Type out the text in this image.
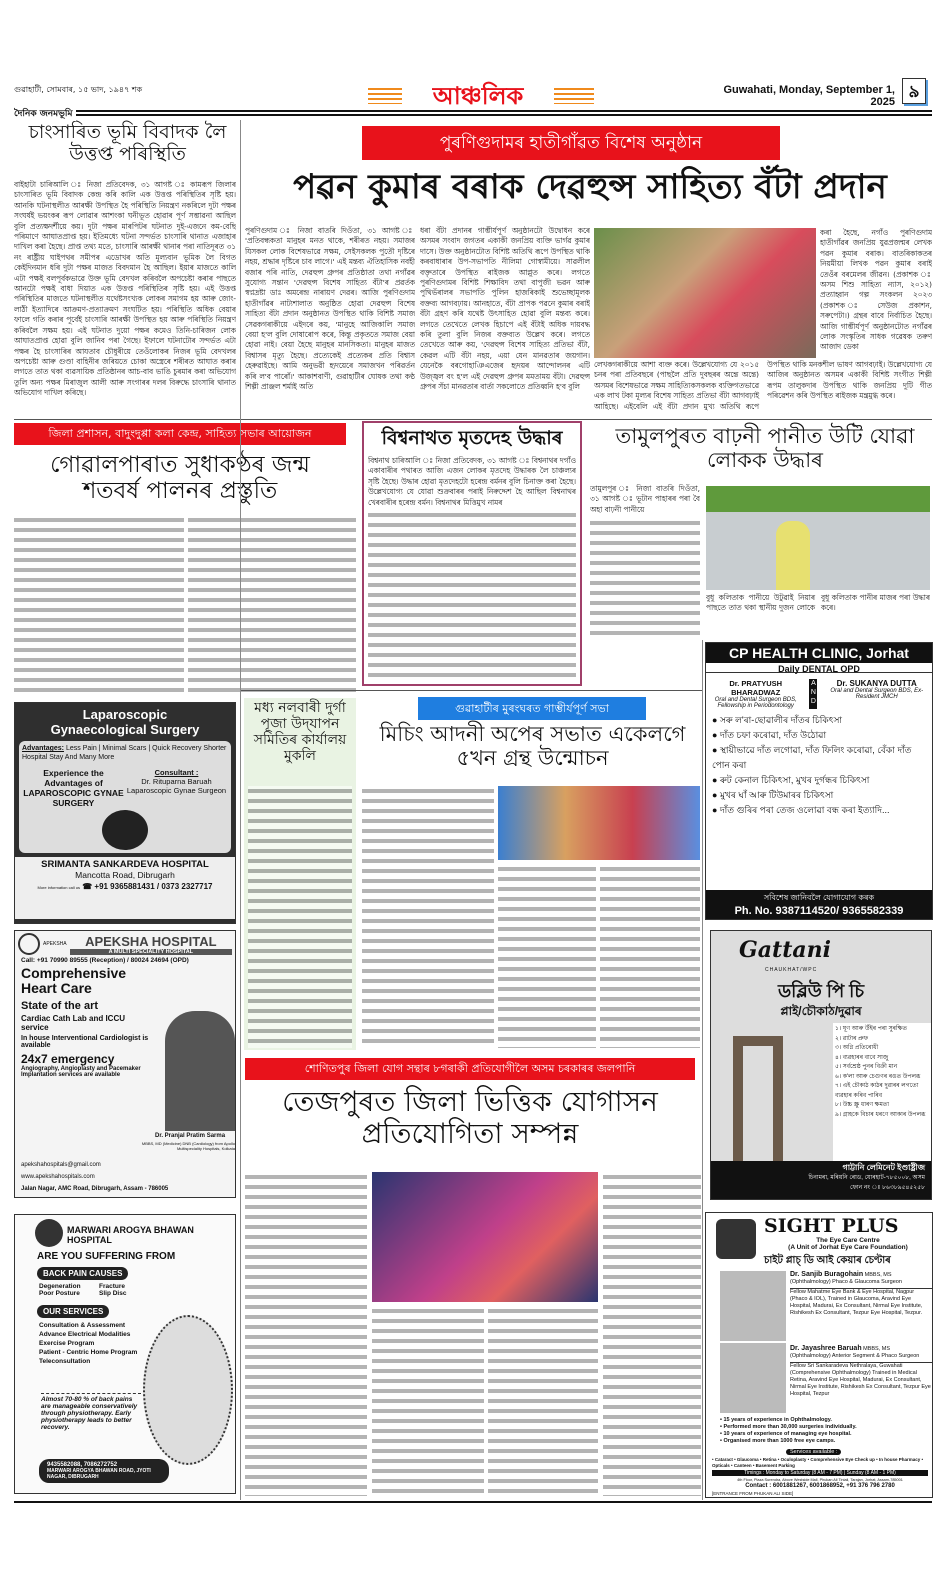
গুৱাহাটী, সোমবাৰ, ১৫ ভাদ, ১৯৪৭ শক	আঞ্চলিক	Guwahati, Monday, September 1, 2025 ৯
দৈনিক জনমভূমি
চাংসাৰিত ভূমি বিবাদক লৈ উত্তপ্ত পৰিস্থিতি
বাইহাটা চাৰিআলি ঃ নিজা প্ৰতিবেদক, ৩১ আগষ্ট ঃ কামৰূপ জিলাৰ চাংসাৰিত ভূমি বিবাদক কেন্দ্ৰ কৰি কালি এক উত্তপ্ত পৰিস্থিতিৰ সৃষ্টি হয়। আনকি ঘটনাস্থলীত আৰক্ষী উপস্থিত হৈ পৰিস্থিতি নিয়ন্ত্ৰণ নকৰিলে দুটা পক্ষৰ সংঘৰ্ষই ভয়ংকৰ ৰূপ লোৱাৰ আশংকা ঘনীভূত হোৱাৰ পূৰ্ণ সম্ভাৱনা আছিল বুলি প্ৰত্যক্ষদৰ্শীয়ে কয়। দুটা পক্ষৰ মাৰপিটৰ ঘটনাত দুই-এজনে কম-বেছি পৰিমাণে আঘাতপ্ৰাপ্ত হয়। ইতিমধ্যে ঘটনা সন্দৰ্ভত চাংসাৰি থানাত এজাহাৰ দাখিল কৰা হৈছে। প্ৰাপ্ত তথ্য মতে, চাংসাৰি আৰক্ষী থানাৰ পৰা নাতিদূৰত ৩১ নং ৰাষ্ট্ৰীয় ঘাইপথৰ সমীপৰ এডোখৰ অতি মূল্যবান ভূমিক লৈ বিগত কেইদিনমান ধৰি দুটা পক্ষৰ মাজত বিবদমান হৈ আছিল। ইয়াৰ মাজতে কালি এটা পক্ষই বলপূৰ্বকভাৱে উক্ত ভূমি বেদখল কৰিবলৈ অপচেষ্টা কৰাৰ পাছতে আনটো পক্ষই বাধা দিয়াত এক উত্তপ্ত পৰিস্থিতিৰ সৃষ্টি হয়। এই উত্তপ্ত পৰিস্থিতিৰ মাজতে ঘটনাস্থলীত যথেষ্টসংখ্যক লোকৰ সমাগম হয় আৰু জোং-লাঠী ইত্যাদিৰে আক্ৰমণ-প্ৰত্যাক্ৰমণ সংঘটিত হয়। পৰিস্থিতি অধিক বেয়াৰ ফালে গতি কৰাৰ পূৰ্বেই চাংসাৰি আৰক্ষী উপস্থিত হয় আৰু পৰিস্থিতি নিয়ন্ত্ৰণ কৰিবলৈ সক্ষম হয়। এই ঘটনাত দুয়ো পক্ষৰ কমেও তিনি-চাৰিজন লোক আঘাতপ্ৰাপ্ত হোৱা বুলি জানিব পৰা গৈছে। ইফালে ঘটনাটোৰ সন্দৰ্ভত এটা পক্ষৰ হৈ চাংসাৰিৰ আযতাব চৌধুৰীয়ে তেওঁলোকৰ নিজৰ ভূমি বেদখলৰ অপচেষ্টা আৰু গুণ্ডা বাহিনীৰ জৰিয়তে চোকা অস্ত্ৰেৰে শৰীৰত আঘাত কৰাৰ লগতে তাত থকা ব্যৱসায়িক প্ৰতিষ্ঠানৰ আচ-বাব ভাঙি চুৰমাৰ কৰা অভিযোগ তুলি অন্য পক্ষৰ মিৰাজুল আলী আৰু সংগাৰৰ দলৰ বিৰুদ্ধে চাংসাৰি থানাত অভিযোগ দাখিল কৰিছে।
পুৰণিগুদামৰ হাতীগাঁৱত বিশেষ অনুষ্ঠান
পৱন কুমাৰ বৰাক দেৱহুন্স সাহিত্য বঁটা প্ৰদান
পুৰণিগুদাম ঃ নিজা বাতৰি দিওঁতা, ৩১ আগষ্ট ঃ 'প্ৰতিবন্ধকতা মানুহৰ মনত থাকে, শৰীৰত নহয়। সমাজৰ যিসকল লোক বিশেষভাৱে সক্ষম, সেইসকলক পুতৌ দৃষ্টিৰে নহয়, শ্ৰদ্ধাৰ দৃষ্টিৰে চাব লাগে।' এই মন্তব্য ঐতিহাসিক নবহী বজাৰ পৰি নাতি, দেৱহুন্স গ্ৰুপৰ প্ৰতিষ্ঠাতা তথা নগাঁৱৰ সুযোগ্য সন্তান 'দেৱহুন্স বিশেষ সাহিত্য বঁটা'ৰ প্ৰৱৰ্তক স্বপ্নদ্ৰষ্টা ডাঃ অমৰেন্দ্ৰ নাৰায়ণ দেৱৰ। আজি পুৰণিগুদাম হাতীগাঁৱৰ নাট্যশালাত অনুষ্ঠিত হোৱা দেৱহুন্স বিশেষ সাহিত্য বঁটা প্ৰদান অনুষ্ঠানত উপস্থিত থাকি বিশিষ্ট সমাজ সেৱকগৰাকীয়ে এইদৰে কয়, 'মানুহে আজিকালি সমাজ বেয়া হ'ল বুলি দোষাৰোপ কৰে, কিন্তু প্ৰকৃততে সমাজ বেয়া হোৱা নাই। বেয়া হৈছে মানুহৰ মানসিকতা। মানুহৰ মাজত বিশ্বাসৰ মৃত্যু হৈছে। প্ৰত্যেকেই প্ৰত্যেকৰ প্ৰতি বিশ্বাস হেৰুৱাইছে। আমি অনুভৱী হৃদয়েৰে সমাজখন পৰিৱৰ্তন কৰি ল'ব পাৰোঁ।' আকাশবাণী, গুৱাহাটীৰ ঘোষক তথা কণ্ঠ শিল্পী প্ৰাঞ্জল শৰ্মাই অতি
ধৰা বঁটা প্ৰদানৰ গাম্ভীৰ্যপূৰ্ণ অনুষ্ঠানটো উদ্বোধন কৰে অসমৰ সংবাদ জগতৰ একাকী জনপ্ৰিয় ব্যক্তি ভাৰ্গৱ কুমাৰ দাসে। উক্ত অনুষ্ঠানটোত বিশিষ্ট অতিথি ৰূপে উপস্থিত থাকি কৰবাধাৰাৰ উপ-সভাপতি নীলিমা গোস্বামীয়ে। সাৱলীল বক্তৃতাৰে উপস্থিত ৰাইজক আপ্লুত কৰে। লগতে পুৰণিগুদামৰ বিশিষ্ট শিক্ষাবিদ তথা বাপুজী ভৱন আৰু পুথিভঁৰালৰ সভাপতি পুলিন হাজৰিকাই শুভেচ্ছামূলক বক্তব্য আগবঢ়ায়। আনহাতে, বঁটা প্ৰাপক পৱনে কুমাৰ বৰাই বঁটা গ্ৰহণ কৰি যথেষ্ট উৎসাহিত হোৱা বুলি মন্তব্য কৰে। লগতে তেখেতে লেখক হিচাপে এই বঁটাই অধিক দায়বদ্ধ কৰি তুলা বুলি নিজৰ বক্তব্যত উল্লেখ কৰে। লগতে তেখেতে আৰু কয়, 'দেৱহুন্স বিশেষ সাহিত্য প্ৰতিভা বঁটা, কেৱল এটি বঁটা নহয়, এয়া যেন মানৱতাৰ জয়গান। যেনেকৈ বৰগোহাঞিএজেৰ হৃদয়ৰ আন্দোলনৰ এটি উজ্জ্বল বং হ'ল এই দেৱহুন্স গ্ৰুপৰ মমতাময় বঁটা। দেৱহুন্স গ্ৰুপৰ সঁচা মানৱতাৰ বাৰ্তা সকলোতে প্ৰতিধ্বনি হ'ব বুলি
কৰা হৈছে, নগাঁও পুৰণিগুদাম হাতীগাঁৱৰ জনপ্ৰিয় যুৱপ্ৰজন্মৰ লেখক পৱন কুমাৰ বৰাক। বাতৰিকাকতৰ নিয়মীয়া লিখক পৱন কুমাৰ বৰাই তেওঁৰ বৰমেলৰ জীৱন। (প্ৰকাশক ঃ অসম শিশু সাহিত্য ন্যাস, ২০১২) প্ৰত্যাহ্বান গল্প সংকলন ২০২৩ (প্ৰকাশক ঃ সেউজ প্ৰকাশন, সৰুপেটা।) গ্ৰন্থৰ বাবে নিৰ্বাচিত হৈছে। আজি গাম্ভীৰ্যপূৰ্ণ অনুষ্ঠানটোত নগাঁৱৰ লোক সংস্কৃতিৰ সাধক গৱেষক তৰুণ আজাদ ডেকা
লেখকগৰাকীয়ে আশা ব্যক্ত কৰে। উল্লেখযোগ্য যে ২০১৫ চনৰ পৰা প্ৰতিবছৰে (পাছলৈ প্ৰতি দুবছৰৰ অন্তে অন্তে) অসমৰ বিশেষভাৱে সক্ষম সাহিত্যিকসকলক ব্যক্তিগতভাৱে এক লাখ টকা মূল্যৰ বিশেষ সাহিত্য প্ৰতিভা বঁটা আগবঢ়াই আহিছে। এইবেলি এই বঁটা প্ৰদান মুখ্য অতিথি ৰূপে উপস্থিত থাকি মনকশীল ভাষণ আগবঢ়াই। উল্লেখযোগ্য যে আজিৰ অনুষ্ঠানত অসমৰ একাকী বিশিষ্ট সংগীত শিল্পী ৰূপম তালুকদাৰ উপস্থিত থাকি জনপ্ৰিয় দুটি গীত পৰিৱেশন কৰি উপস্থিত ৰাইজক মন্ত্ৰমুগ্ধ কৰে।
জিলা প্ৰশাসন, বাদুংদুপ্পা কলা কেন্দ্ৰ, সাহিত্য সভাৰ আয়োজন
গোৱালপাৰাত সুধাকণ্ঠৰ জন্ম শতবৰ্ষ পালনৰ প্ৰস্তুতি
বিশ্বনাথত মৃতদেহ উদ্ধাৰ
বিশ্বনাথ চাৰিআলি ঃ নিজা প্ৰতিবেদক, ৩১ আগষ্ট ঃ বিশ্বনাথৰ দগাঁও একাবাৰীৰ পথাৰত আজি এজন লোকৰ মৃতদেহ উদ্ধাৰক লৈ চাঞ্চল্যৰ সৃষ্টি হৈছে। উদ্ধাৰ হোৱা মৃতদেহটো হৰেন্দ্ৰ বৰ্মনৰ বুলি চিনাক্ত কৰা হৈছে। উল্লেখযোগ্য যে যোৱা শুক্ৰবাৰৰ পৰাই নিৰুদ্দেশ হৈ আছিল বিশ্বনাথৰ খেৰবাৰীৰ হৰেন্দ্ৰ বৰ্মন। বিশ্বনাথৰ মিত্তিমুখ নামৰ
তামুলপুৰত বাঢ়নী পানীত উটি যোৱা লোকক উদ্ধাৰ
তামুলপুৰ ঃ নিজা বাতৰি দিওঁতা, ৩১ আগষ্ট ঃ ভূটান পাহাৰৰ পৰা বৈ অহা বাঢ়নী পানীয়ে
বুধু কলিতাক পানীয়ে উটুৱাই নিয়াৰ পাছতে তাত থকা স্থানীয় দুজন লোকে বুধু কলিতাক পানীৰ মাজৰ পৰা উদ্ধাৰ কৰে।
মধ্য নলবাৰী দুৰ্গা পূজা উদ্‌যাপন সমিতিৰ কাৰ্যালয় মুকলি
গুৱাহাটীৰ মুৰংঘৰত গাম্ভীৰ্যপূৰ্ণ সভা
মিচিং আদনী অপেৰ সভাত একেলগে ৫খন গ্ৰন্থ উন্মোচন
শোণিতপুৰ জিলা যোগ সন্থাৰ ৮গৰাকী প্ৰতিযোগীলৈ অসম চৰকাৰৰ জলপানি
তেজপুৰত জিলা ভিত্তিক যোগাসন প্ৰতিযোগিতা সম্পন্ন
Laparoscopic
Gynaecological Surgery
Advantages: Less Pain | Minimal Scars | Quick Recovery Shorter Hospital Stay And Many More
Experience the Advantages of LAPAROSCOPIC GYNAE SURGERY
Consultant :
Dr. Rituparna Baruah
Laparoscopic Gynae Surgeon
SRIMANTA SANKARDEVA HOSPITAL
Mancotta Road, Dibrugarh
More information call us ☎ +91 9365881431 / 0373 2327717
APEKSHA	APEKSHA HOSPITAL
A MULTI SPECIALITY HOSPITAL
Call: +91 70990 89555 (Reception) / 80024 24694 (OPD)
Comprehensive Heart Care
State of the art
Cardiac Cath Lab and ICCU service
In house Interventional Cardiologist is available
24x7 emergency
Angiography, Angioplasty and Pacemaker Implantation services are available
Dr. Pranjal Pratim Sarma
MBBS, MD (Medicine) DNB (Cardiology) from Apollo Multispeciality Hospitals, Kolkata
apekshahospitals@gmail.com
www.apekshahospitals.com
Jalan Nagar, AMC Road, Dibrugarh, Assam - 786005
MARWARI AROGYA BHAWAN HOSPITAL
ARE YOU SUFFERING FROM
BACK PAIN CAUSES
Degeneration	Fracture
Poor Posture	Slip Disc
OUR SERVICES
Consultation & Assessment
Advance Electrical Modalities
Exercise Program
Patient - Centric Home Program
Teleconsultation
Almost 70-80 % of back pains are manageable conservatively through physiotherapy. Early physiotherapy leads to better recovery.
9435582088, 7086272752
MARWARI AROGYA BHAWAN ROAD, JYOTI NAGAR, DIBRUGARH
CP HEALTH CLINIC, Jorhat
Daily DENTAL OPD
Dr. PRATYUSH BHARADWAZ
Oral and Dental Surgeon BDS, Fellowship in Periodontology
AND
Dr. SUKANYA DUTTA
Oral and Dental Surgeon BDS, Ex- Resident JMCH
● সৰু ল'ৰা-ছোৱালীৰ দাঁতৰ চিকিৎসা
● দাঁত চফা কৰোৱা, দাঁত উঠোৱা
● স্থায়ীভাৱে দাঁত লগোৱা, দাঁত ফিলিং কৰোৱা, বেঁকা দাঁত পোন কৰা
● ৰুট কেনাল চিকিৎসা, মুখৰ দুৰ্গন্ধৰ চিকিৎসা
● মুখৰ ঘাঁ আৰু টিউমাৰৰ চিকিৎসা
● দাঁত গুৰিৰ পৰা তেজ ওলোৱা বন্ধ কৰা ইত্যাদি...
সবিশেষ জানিবলৈ যোগাযোগ কৰক
Ph. No. 9387114520/ 9365582339
Gattani
CHAUKHAT/WPC
ডব্লিউ পি চি
প্লাই/চৌকাঠ/দুৱাৰ
১। ঘূণ আৰু উঁইৰ পৰা সুৰক্ষিত
২। ৱাটাৰ প্ৰুফ
৩। অগ্নি প্ৰতিৰোধী
৪। ব্যৱহাৰৰ বাবে সাজু
৫। সৰ্বশ্ৰেষ্ঠ পুনৰ বিক্ৰী মান
৬। ক'লা আৰু চেগুণৰ ৰঙত উপলব্ধ
৭। এই চৌকাঠ কাঠৰ দুৱাৰৰ লগতো ব্যৱহাৰ কৰিব পাৰিব
৮। উচ্চ স্ক্ৰু ধাৰণ ক্ষমতা
৯। গ্ৰাহকে বিচাৰ ধৰণে আকাৰ উপলব্ধ
গাট্টানি লেমিনেট ইণ্ডাষ্ট্ৰীজ
চিনামৰা, মৰিয়নি ৰোড, যোৰহাট-৭৮৫০০৮, অসম
ফোন নং ঃ ৮৬৩৮৯৫৪৫২৫৮
SIGHT PLUS
The Eye Care Centre
(A Unit of Jorhat Eye Care Foundation)
চাইট প্লাচ্ ডি আই কেয়াৰ চেণ্টাৰ
Dr. Sanjib Buragohain MBBS, MS (Ophthalmology) Phaco & Glaucoma Surgeon
Fellow Mahatme Eye Bank & Eye Hospital, Nagpur (Phaco & IOL), Trained in Glaucoma, Aravind Eye Hospital, Madurai, Ex Consultant, Nirmal Eye Institute, Rishikesh Ex Consultant, Tezpur Eye Hospital, Tezpur.
Dr. Jayashree Baruah MBBS, MS (Ophthalmology) Anterior Segment & Phaco Surgeon
Fellow Sri Sankaradeva Nethralaya, Guwahati (Comprehensive Ophthalmology) Trained in Medical Retina, Aravind Eye Hospital, Madurai, Ex Consultant, Nirmal Eye Institute, Rishikesh Ex Consultant, Tezpur Eye Hospital, Tezpur
• 15 years of experience in Ophthalmology.
• Performed more than 30,000 surgeries individually.
• 10 years of experience of managing eye hospital.
• Organised more than 1000 free eye camps.
Services available :
• Cataract • Glaucoma • Retina • Oculoplasty • Comprehensive Eye Check up • In house Pharmacy • Opticals • Canteen • Basement Parking
Timings : Monday to Saturday (8 AM - 7 PM) | Sunday (8 AM - 1 PM)
4th Floor, Plaza Surendra, Above Westside Mall, Phukan Ali Tiniali, Tarajan, Jorhat, Assam-785001
Contact : 6001881267, 6001868952, +91 376 796 2780
[ENTRANCE FROM PHUKAN ALI SIDE]
